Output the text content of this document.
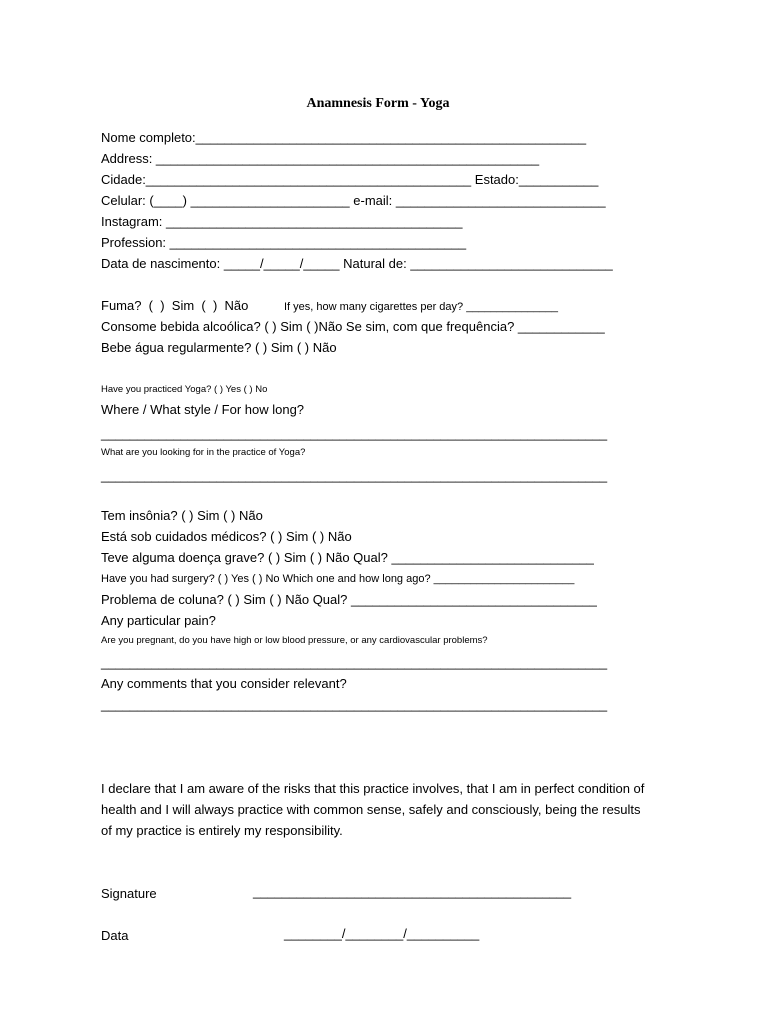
Anamnesis Form - Yoga
Nome completo:______________________________________________________
Address: _____________________________________________________
Cidade:_____________________________________________ Estado:___________
Celular: (____) ______________________ e-mail: _____________________________
Instagram: _________________________________________
Profession: _________________________________________
Data de nascimento: _____/_____/_____ Natural de: ____________________________
Fuma?  (  )  Sim  (  )  Não	If yes, how many cigarettes per day? _______________
Consome bebida alcoólica? ( ) Sim ( )Não Se sim, com que frequência? ____________
Bebe água regularmente? ( ) Sim ( ) Não
Have you practiced Yoga? ( ) Yes ( ) No
Where / What style / For how long?
______________________________________________________________________
What are you looking for in the practice of Yoga?
______________________________________________________________________
Tem insônia? ( ) Sim ( ) Não
Está sob cuidados médicos? ( ) Sim ( ) Não
Teve alguma doença grave? ( ) Sim ( ) Não Qual? ____________________________
Have you had surgery? ( ) Yes ( ) No Which one and how long ago? _______________________
Problema de coluna? ( ) Sim ( ) Não Qual? __________________________________
Any particular pain?
Are you pregnant, do you have high or low blood pressure, or any cardiovascular problems?
______________________________________________________________________
Any comments that you consider relevant?
______________________________________________________________________
I declare that I am aware of the risks that this practice involves, that I am in perfect condition of health and I will always practice with common sense, safely and consciously, being the results of my practice is entirely my responsibility.
Signature	____________________________________________
Data	________/________/__________
